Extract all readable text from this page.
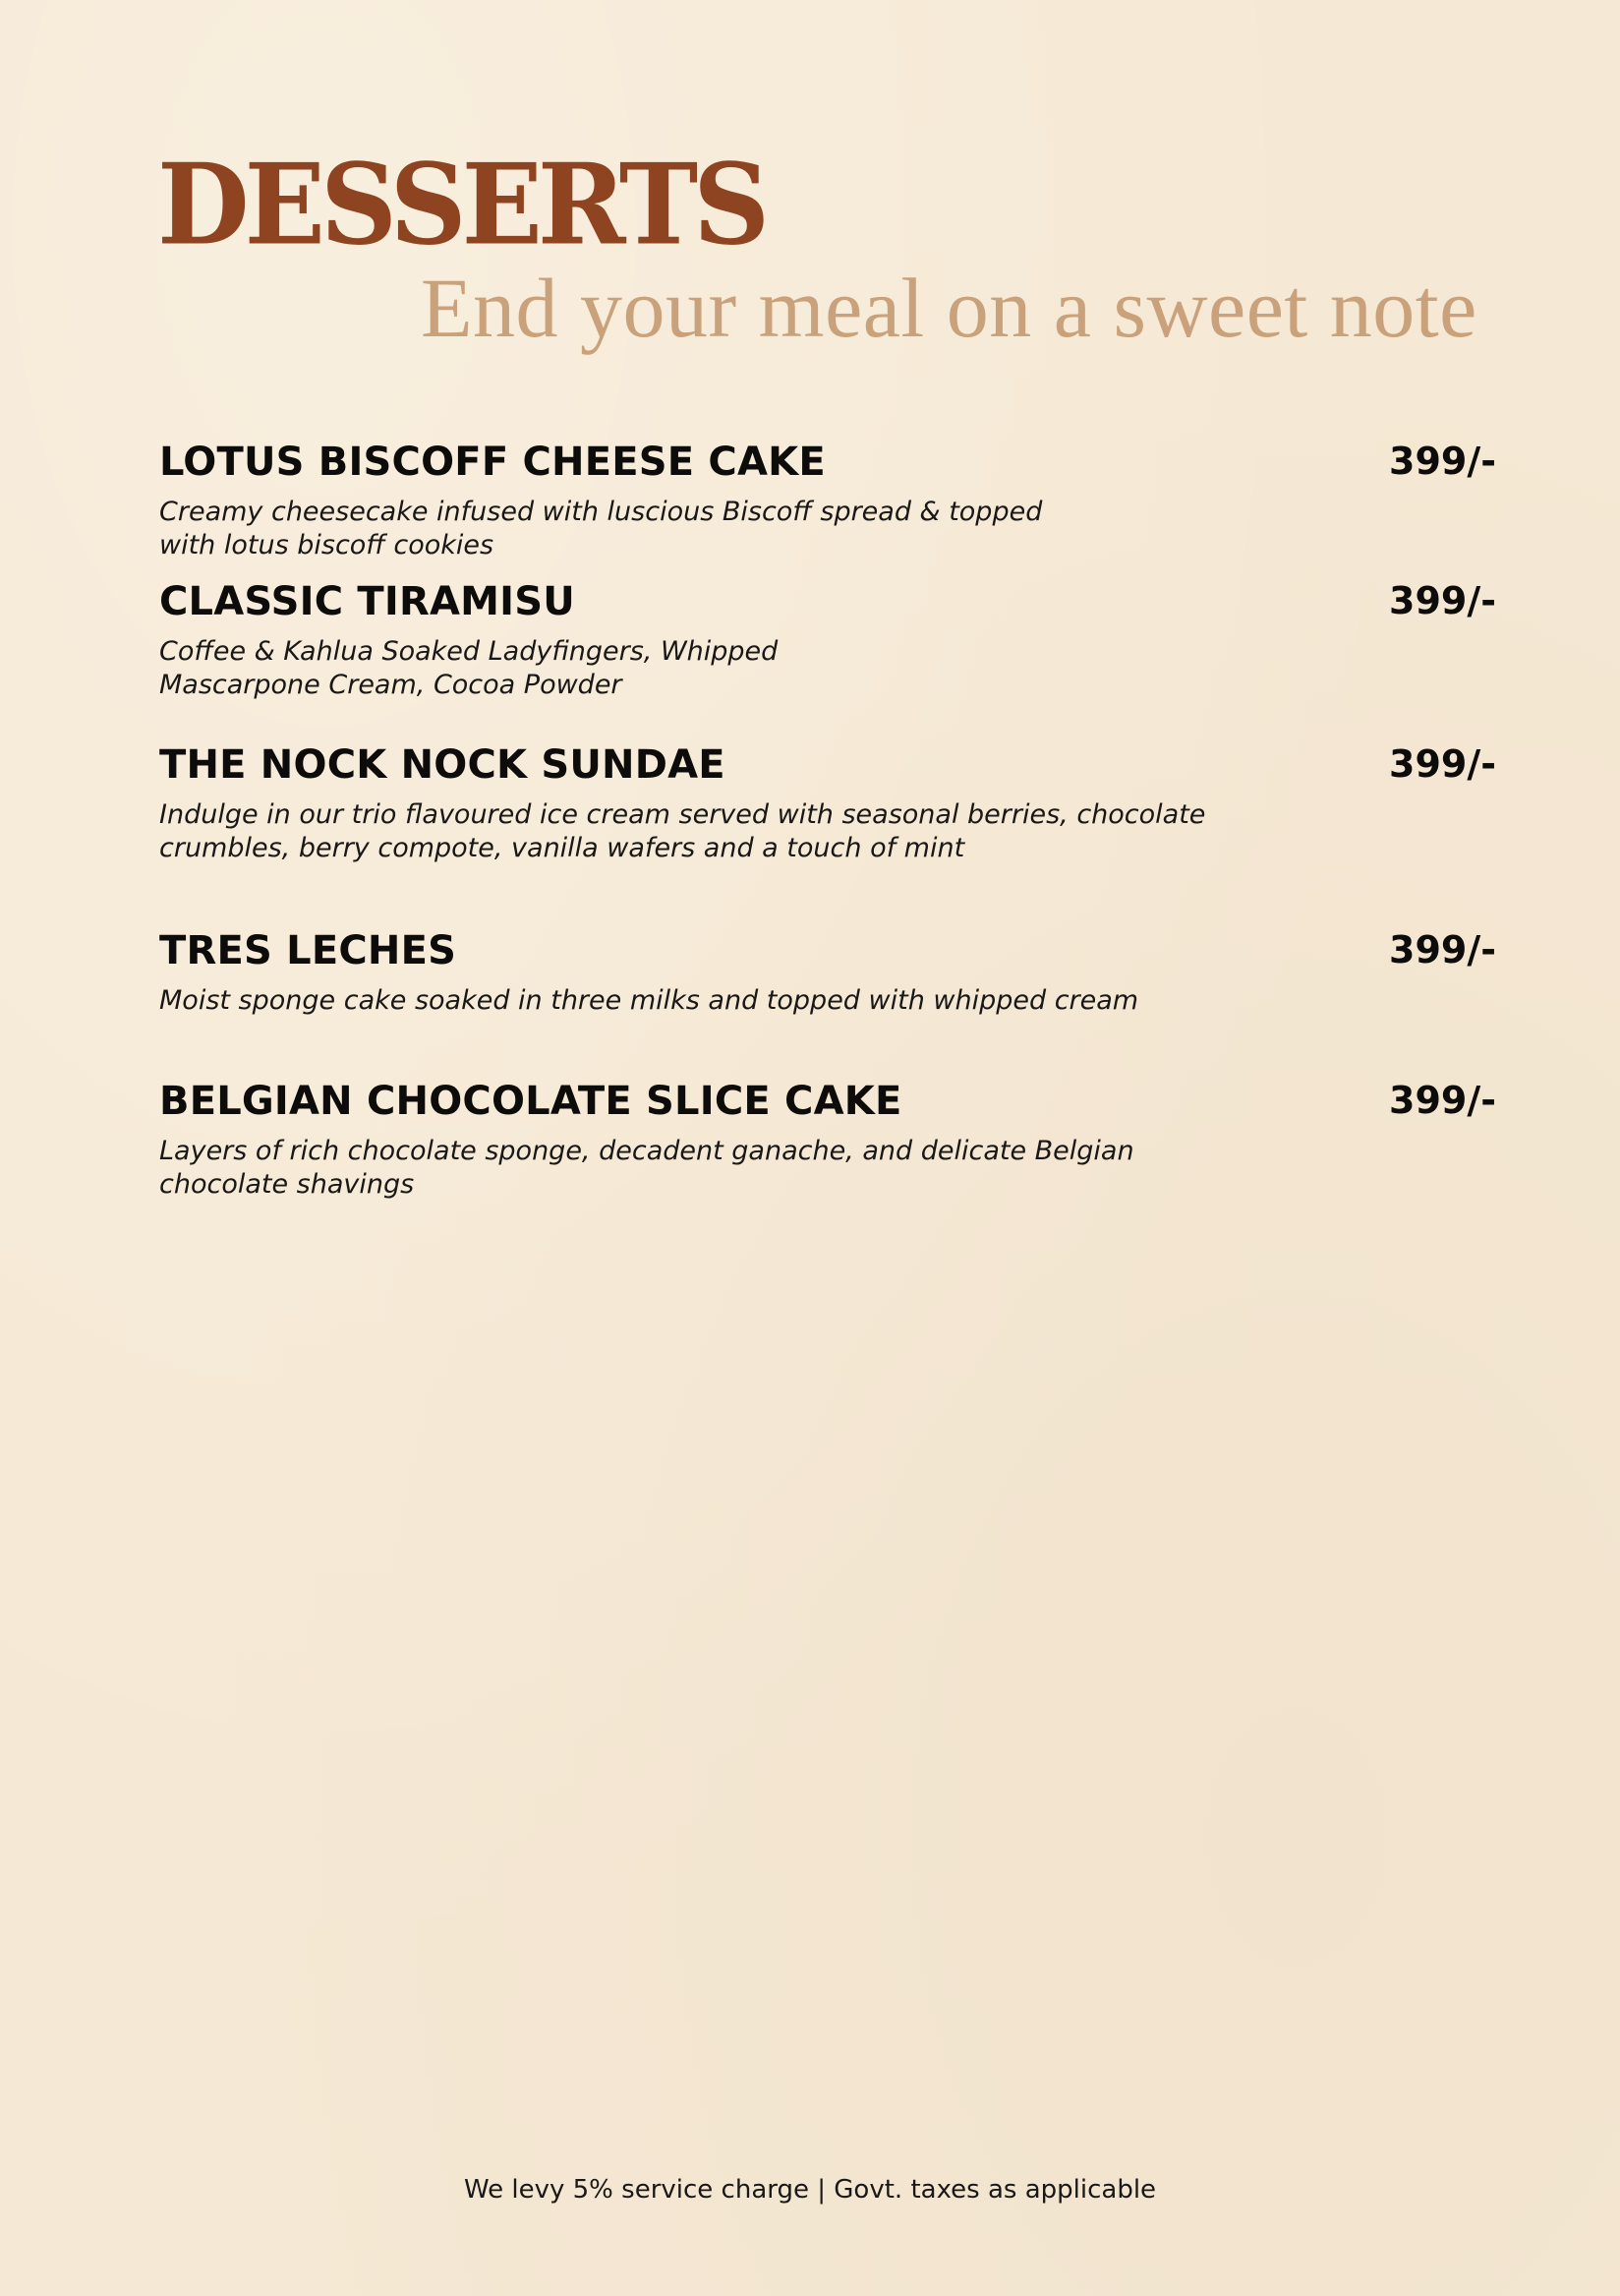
DESSERTS
End your meal on a sweet note

LOTUS BISCOFF CHEESE CAKE	399/-

Creamy cheesecake infused with luscious Biscoff spread & topped
with lotus biscoff cookies

CLASSIC TIRAMISU	399/-

Coffee & Kahlua Soaked Ladyfingers, Whipped
Mascarpone Cream, Cocoa Powder

THE NOCK NOCK SUNDAE	399/-

Indulge in our trio flavoured ice cream served with seasonal berries, chocolate
crumbles, berry compote, vanilla wafers and a touch of mint

TRES LECHES	399/-

Moist sponge cake soaked in three milks and topped with whipped cream

BELGIAN CHOCOLATE SLICE CAKE	399/-

Layers of rich chocolate sponge, decadent ganache, and delicate Belgian
chocolate shavings

We levy 5% service charge | Govt. taxes as applicable
